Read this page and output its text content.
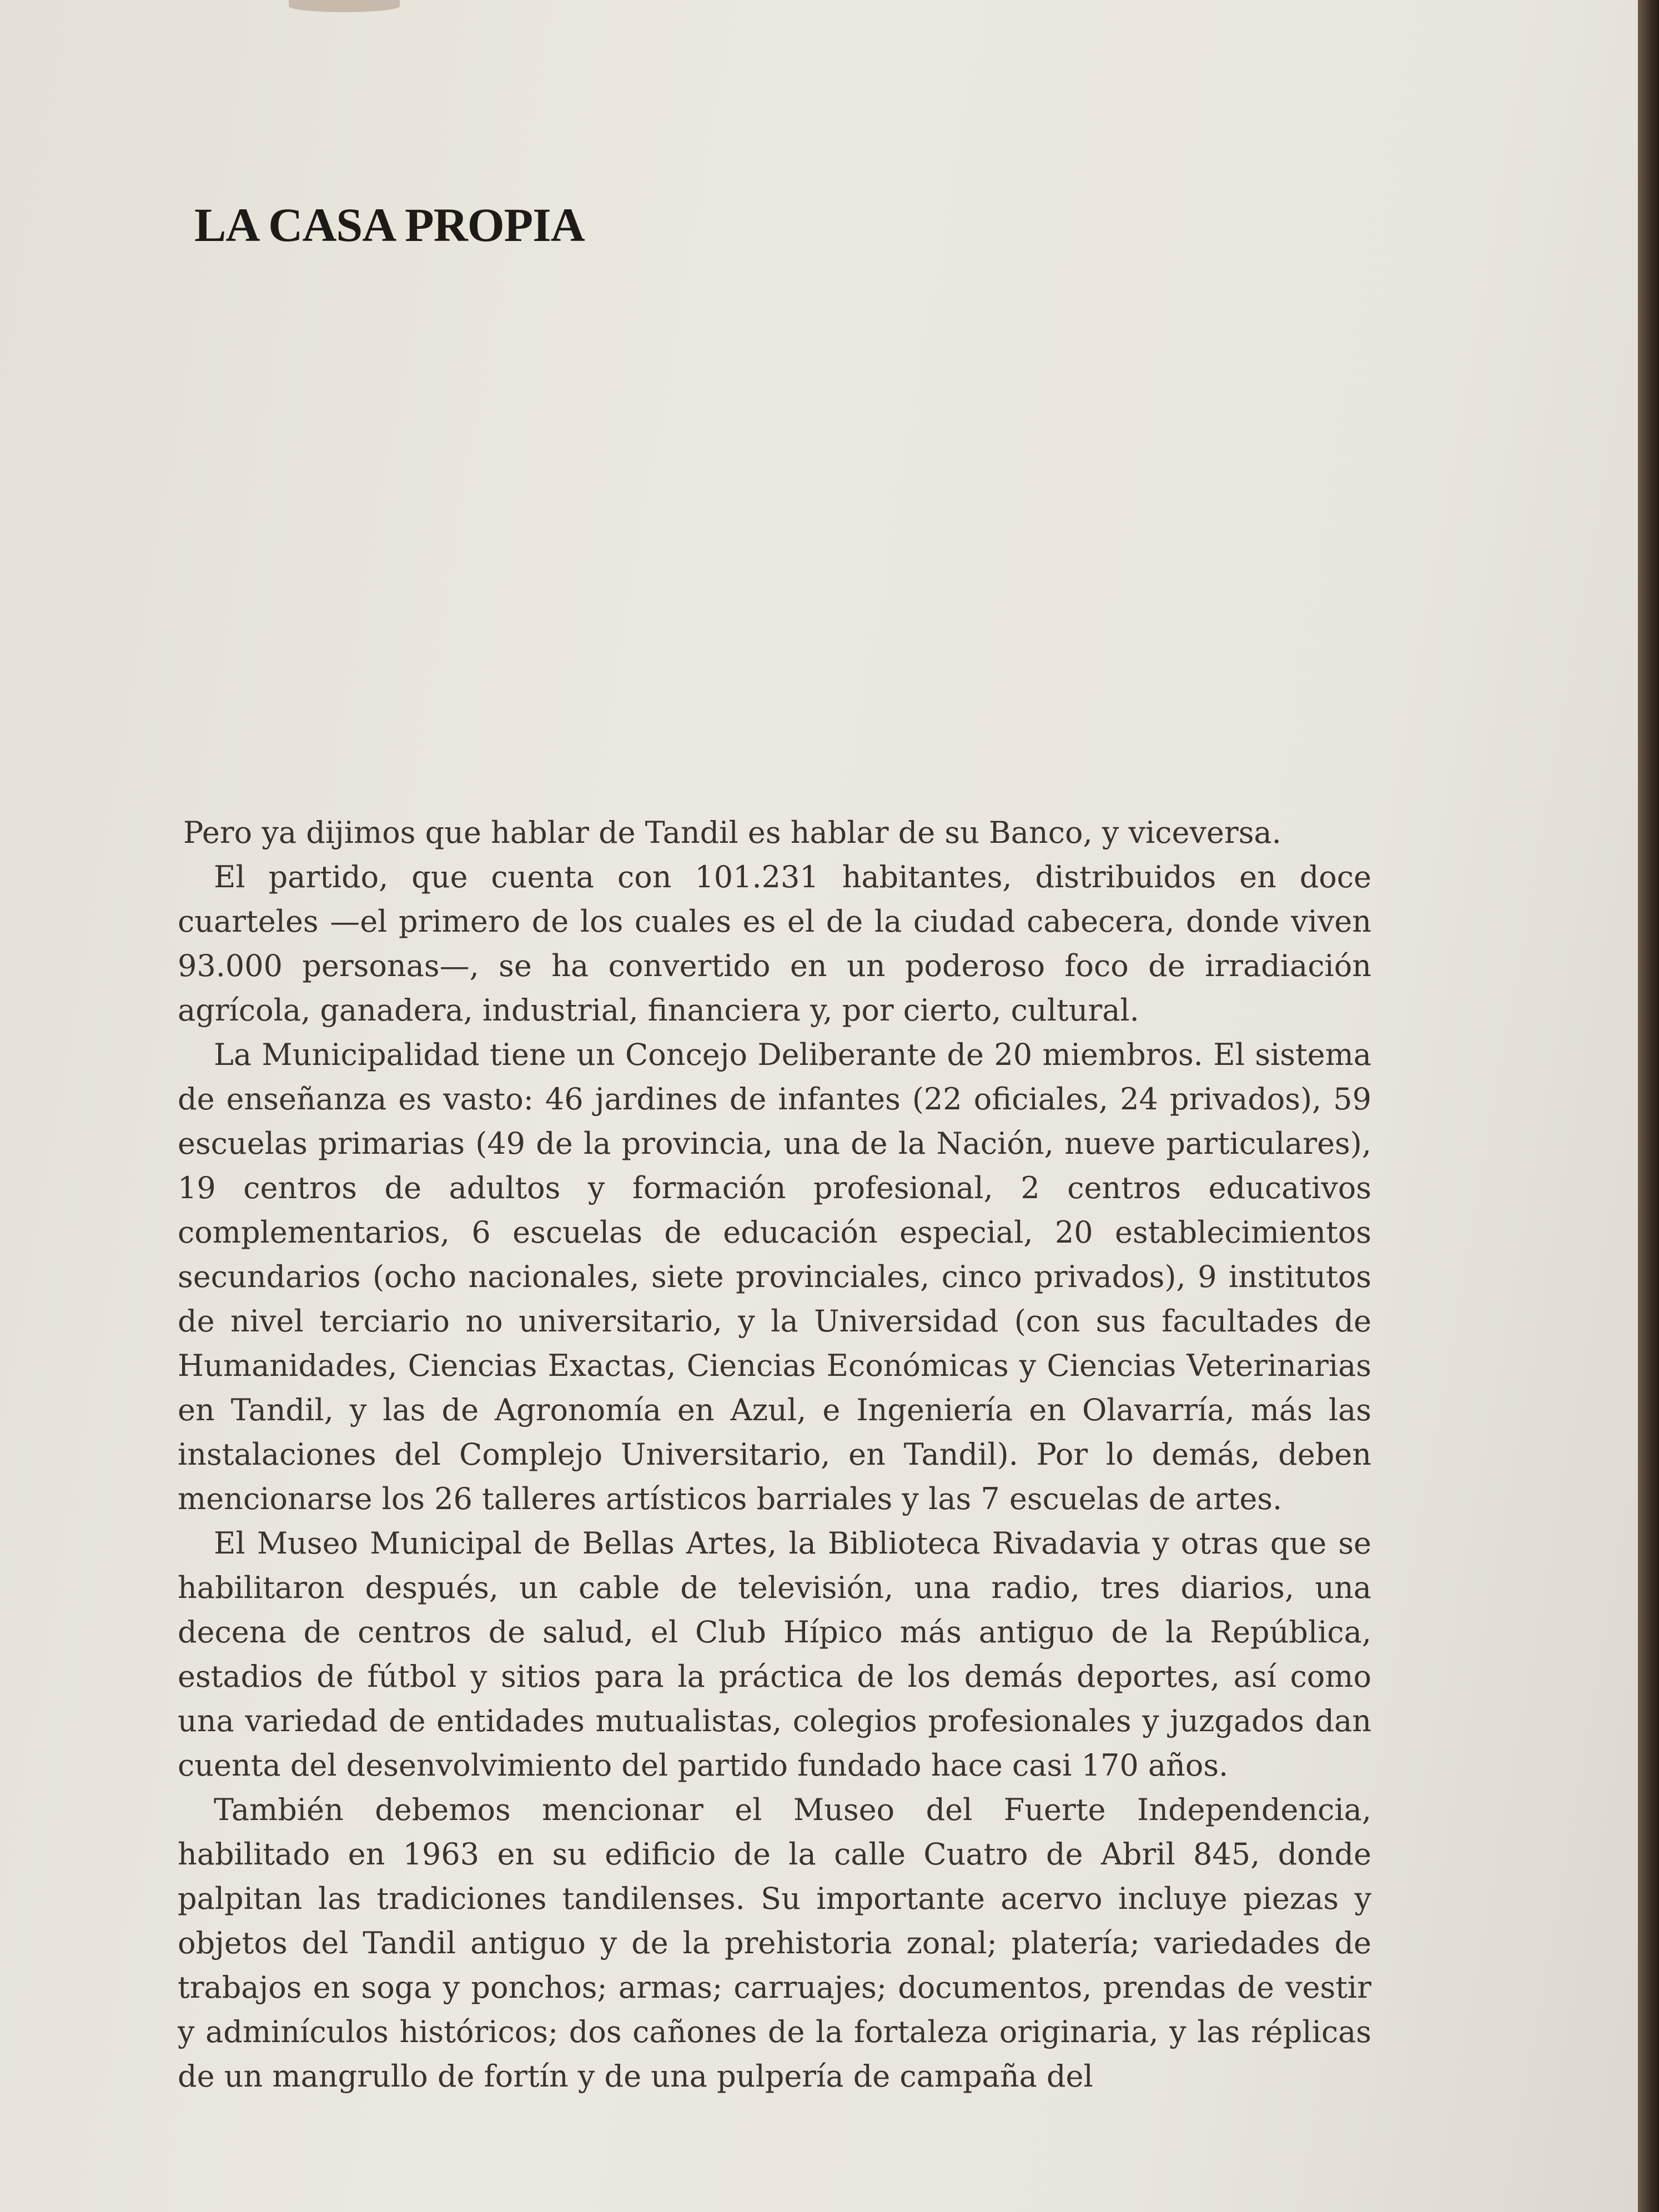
LA CASA PROPIA

Pero ya dijimos que hablar de Tandil es hablar de su Banco, y viceversa.

El partido, que cuenta con 101.231 habitantes, distribuidos en doce cuarteles —el primero de los cuales es el de la ciudad cabecera, donde viven 93.000 personas—, se ha convertido en un poderoso foco de irradiación agrícola, ganadera, industrial, financiera y, por cierto, cultural.

La Municipalidad tiene un Concejo Deliberante de 20 miembros. El sistema de enseñanza es vasto: 46 jardines de infantes (22 oficiales, 24 privados), 59 escuelas primarias (49 de la provincia, una de la Nación, nueve particulares), 19 centros de adultos y formación profesional, 2 centros educativos complementarios, 6 escuelas de educación especial, 20 establecimientos secundarios (ocho nacionales, siete provinciales, cinco privados), 9 institutos de nivel terciario no universitario, y la Universidad (con sus facultades de Humanidades, Ciencias Exactas, Ciencias Económicas y Ciencias Veterinarias en Tandil, y las de Agronomía en Azul, e Ingeniería en Olavarría, más las instalaciones del Complejo Universitario, en Tandil). Por lo demás, deben mencionarse los 26 talleres artísticos barriales y las 7 escuelas de artes.

El Museo Municipal de Bellas Artes, la Biblioteca Rivadavia y otras que se habilitaron después, un cable de televisión, una radio, tres diarios, una decena de centros de salud, el Club Hípico más antiguo de la República, estadios de fútbol y sitios para la práctica de los demás deportes, así como una variedad de entidades mutualistas, colegios profesionales y juzgados dan cuenta del desenvolvimiento del partido fundado hace casi 170 años.

También debemos mencionar el Museo del Fuerte Independencia, habilitado en 1963 en su edificio de la calle Cuatro de Abril 845, donde palpitan las tradiciones tandilenses. Su importante acervo incluye piezas y objetos del Tandil antiguo y de la prehistoria zonal; platería; variedades de trabajos en soga y ponchos; armas; carruajes; documentos, prendas de vestir y adminículos históricos; dos cañones de la fortaleza originaria, y las réplicas de un mangrullo de fortín y de una pulpería de campaña del
